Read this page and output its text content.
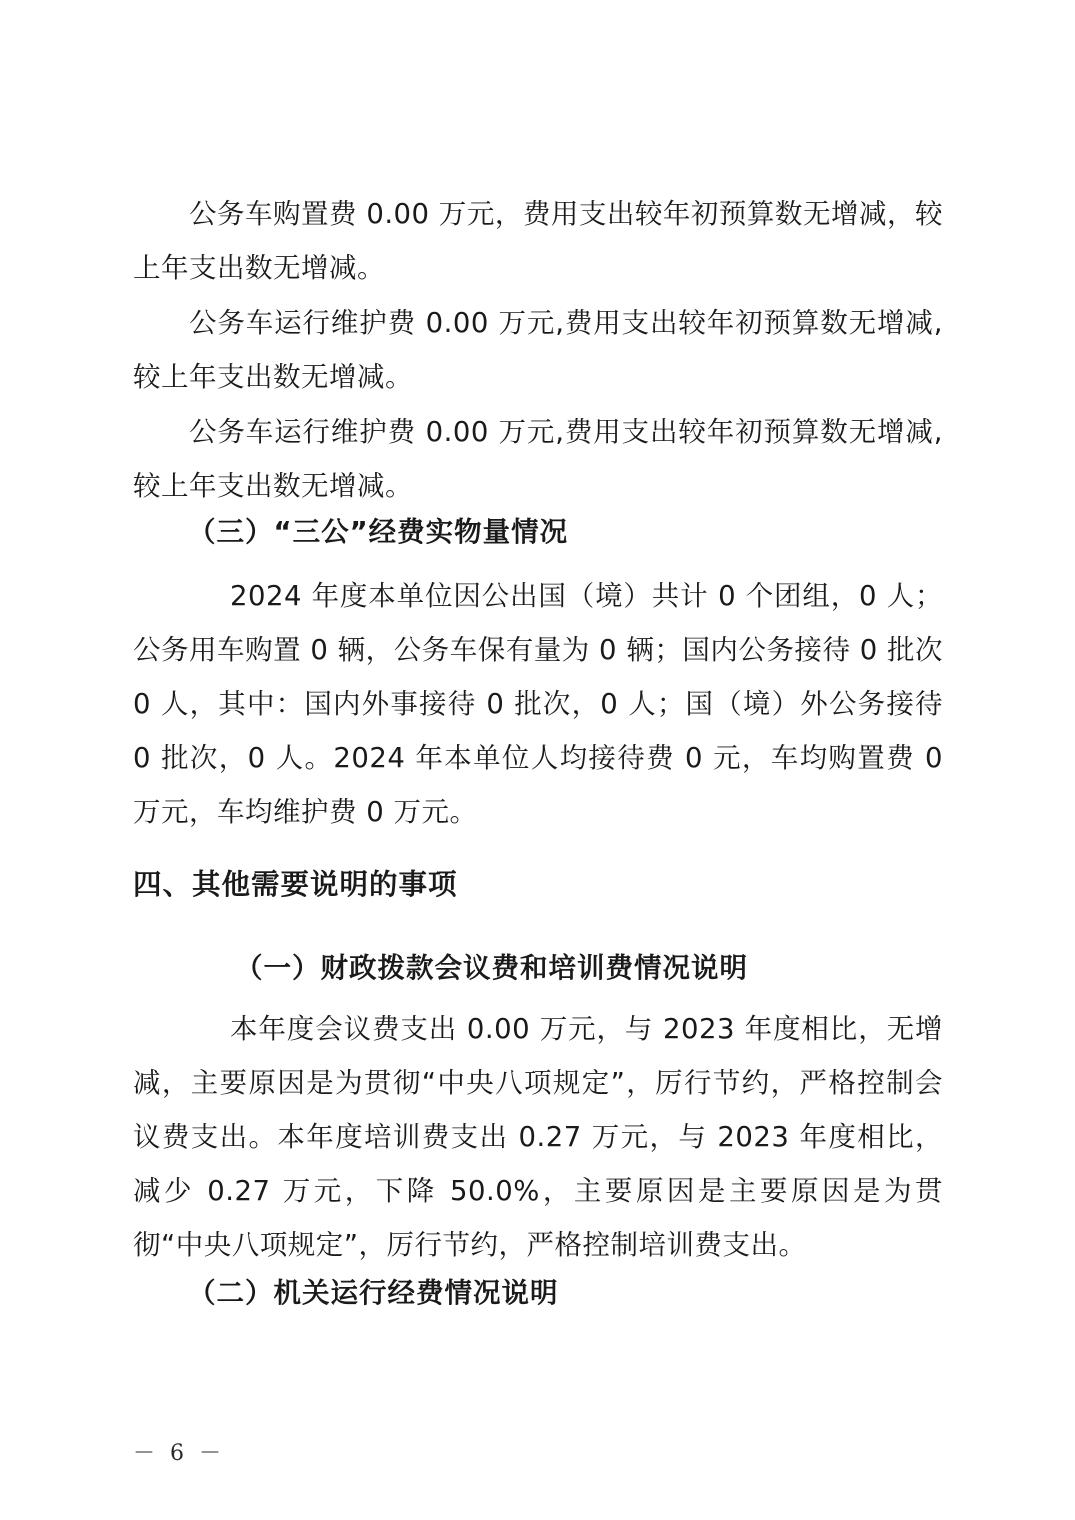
公务车购置费 0.00 万元，费用支出较年初预算数无增减，较上年支出数无增减。

公务车运行维护费 0.00 万元,费用支出较年初预算数无增减,较上年支出数无增减。

公务车运行维护费 0.00 万元,费用支出较年初预算数无增减,较上年支出数无增减。

（三）“三公”经费实物量情况

2024 年度本单位因公出国（境）共计 0 个团组，0 人；公务用车购置 0 辆，公务车保有量为 0 辆；国内公务接待 0 批次 0 人，其中：国内外事接待 0 批次，0 人；国（境）外公务接待 0 批次，0 人。2024 年本单位人均接待费 0 元，车均购置费 0 万元，车均维护费 0 万元。

四、其他需要说明的事项
（一）财政拨款会议费和培训费情况说明

本年度会议费支出 0.00 万元，与 2023 年度相比，无增减，主要原因是为贯彻“中央八项规定”，厉行节约，严格控制会议费支出。本年度培训费支出 0.27 万元，与 2023 年度相比，减少 0.27 万元，下降 50.0%，主要原因是主要原因是为贯彻“中央八项规定”，厉行节约，严格控制培训费支出。

（二）机关运行经费情况说明
－ 6 －
